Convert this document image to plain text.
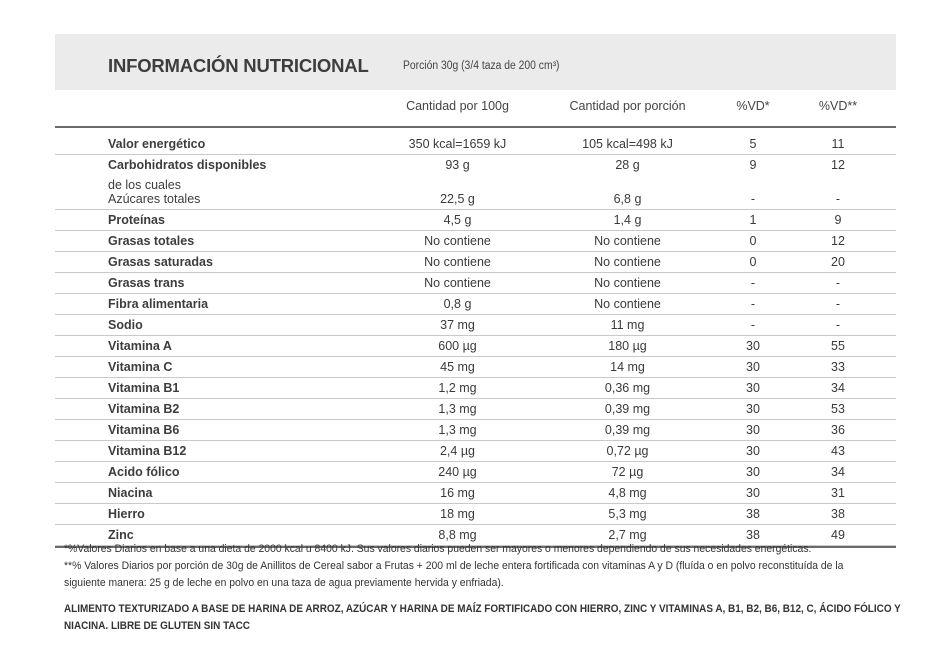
INFORMACIÓN NUTRICIONAL	Porción 30g (3/4 taza de 200 cm³)
Cantidad por 100g	Cantidad por porción	%VD*	%VD**
Valor energético	350 kcal=1659 kJ	105 kcal=498 kJ	5	11
Carbohidratos disponibles	93 g	28 g	9	12
de los cuales
Azúcares totales	22,5 g	6,8 g	-	-
Proteínas	4,5 g	1,4 g	1	9
Grasas totales	No contiene	No contiene	0	12
Grasas saturadas	No contiene	No contiene	0	20
Grasas trans	No contiene	No contiene	-	-
Fibra alimentaria	0,8 g	No contiene	-	-
Sodio	37 mg	11 mg	-	-
Vitamina A	600 µg	180 µg	30	55
Vitamina C	45 mg	14 mg	30	33
Vitamina B1	1,2 mg	0,36 mg	30	34
Vitamina B2	1,3 mg	0,39 mg	30	53
Vitamina B6	1,3 mg	0,39 mg	30	36
Vitamina B12	2,4 µg	0,72 µg	30	43
Acido fólico	240 µg	72 µg	30	34
Niacina	16 mg	4,8 mg	30	31
Hierro	18 mg	5,3 mg	38	38
Zinc	8,8 mg	2,7 mg	38	49

*%Valores Diarios en base a una dieta de 2000 kcal u 8400 kJ. Sus valores diarios pueden ser mayores o menores dependiendo de sus necesidades energéticas.

**% Valores Diarios por porción de 30g de Anillitos de Cereal sabor a Frutas + 200 ml de leche entera fortificada con vitaminas A y D (fluída o en polvo reconstituída de la

siguiente manera: 25 g de leche en polvo en una taza de agua previamente hervida y enfriada).

ALIMENTO TEXTURIZADO A BASE DE HARINA DE ARROZ, AZÚCAR Y HARINA DE MAÍZ FORTIFICADO CON HIERRO, ZINC Y VITAMINAS A, B1, B2, B6, B12, C, ÁCIDO FÓLICO Y

NIACINA. LIBRE DE GLUTEN SIN TACC
